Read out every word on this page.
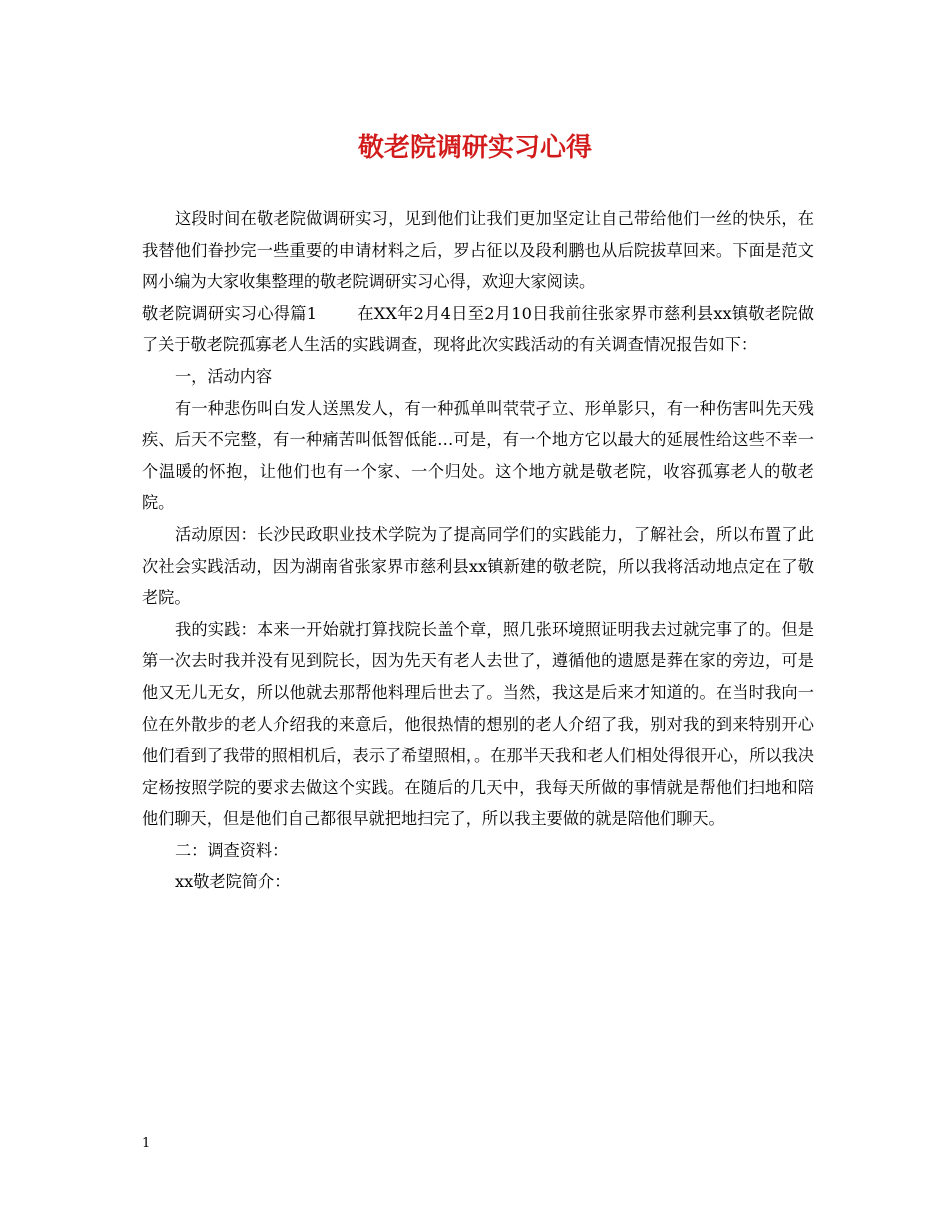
敬老院调研实习心得

这段时间在敬老院做调研实习，见到他们让我们更加坚定让自己带给他们一丝的快乐，在我替他们眷抄完一些重要的申请材料之后，罗占征以及段利鹏也从后院拔草回来。下面是范文网小编为大家收集整理的敬老院调研实习心得，欢迎大家阅读。

敬老院调研实习心得篇1 在XX年2月4日至2月10日我前往张家界市慈利县xx镇敬老院做了关于敬老院孤寡老人生活的实践调查，现将此次实践活动的有关调查情况报告如下：

一，活动内容

有一种悲伤叫白发人送黑发人，有一种孤单叫茕茕孑立、形单影只，有一种伤害叫先天残疾、后天不完整，有一种痛苦叫低智低能…可是，有一个地方它以最大的延展性给这些不幸一个温暖的怀抱，让他们也有一个家、一个归处。这个地方就是敬老院，收容孤寡老人的敬老院。

活动原因：长沙民政职业技术学院为了提高同学们的实践能力，了解社会，所以布置了此次社会实践活动，因为湖南省张家界市慈利县xx镇新建的敬老院，所以我将活动地点定在了敬老院。

我的实践：本来一开始就打算找院长盖个章，照几张环境照证明我去过就完事了的。但是第一次去时我并没有见到院长，因为先天有老人去世了，遵循他的遗愿是葬在家的旁边，可是他又无儿无女，所以他就去那帮他料理后世去了。当然，我这是后来才知道的。在当时我向一位在外散步的老人介绍我的来意后，他很热情的想别的老人介绍了我，别对我的到来特别开心他们看到了我带的照相机后，表示了希望照相，。在那半天我和老人们相处得很开心，所以我决定杨按照学院的要求去做这个实践。在随后的几天中，我每天所做的事情就是帮他们扫地和陪他们聊天，但是他们自己都很早就把地扫完了，所以我主要做的就是陪他们聊天。

二：调查资料：

xx敬老院简介：

1
